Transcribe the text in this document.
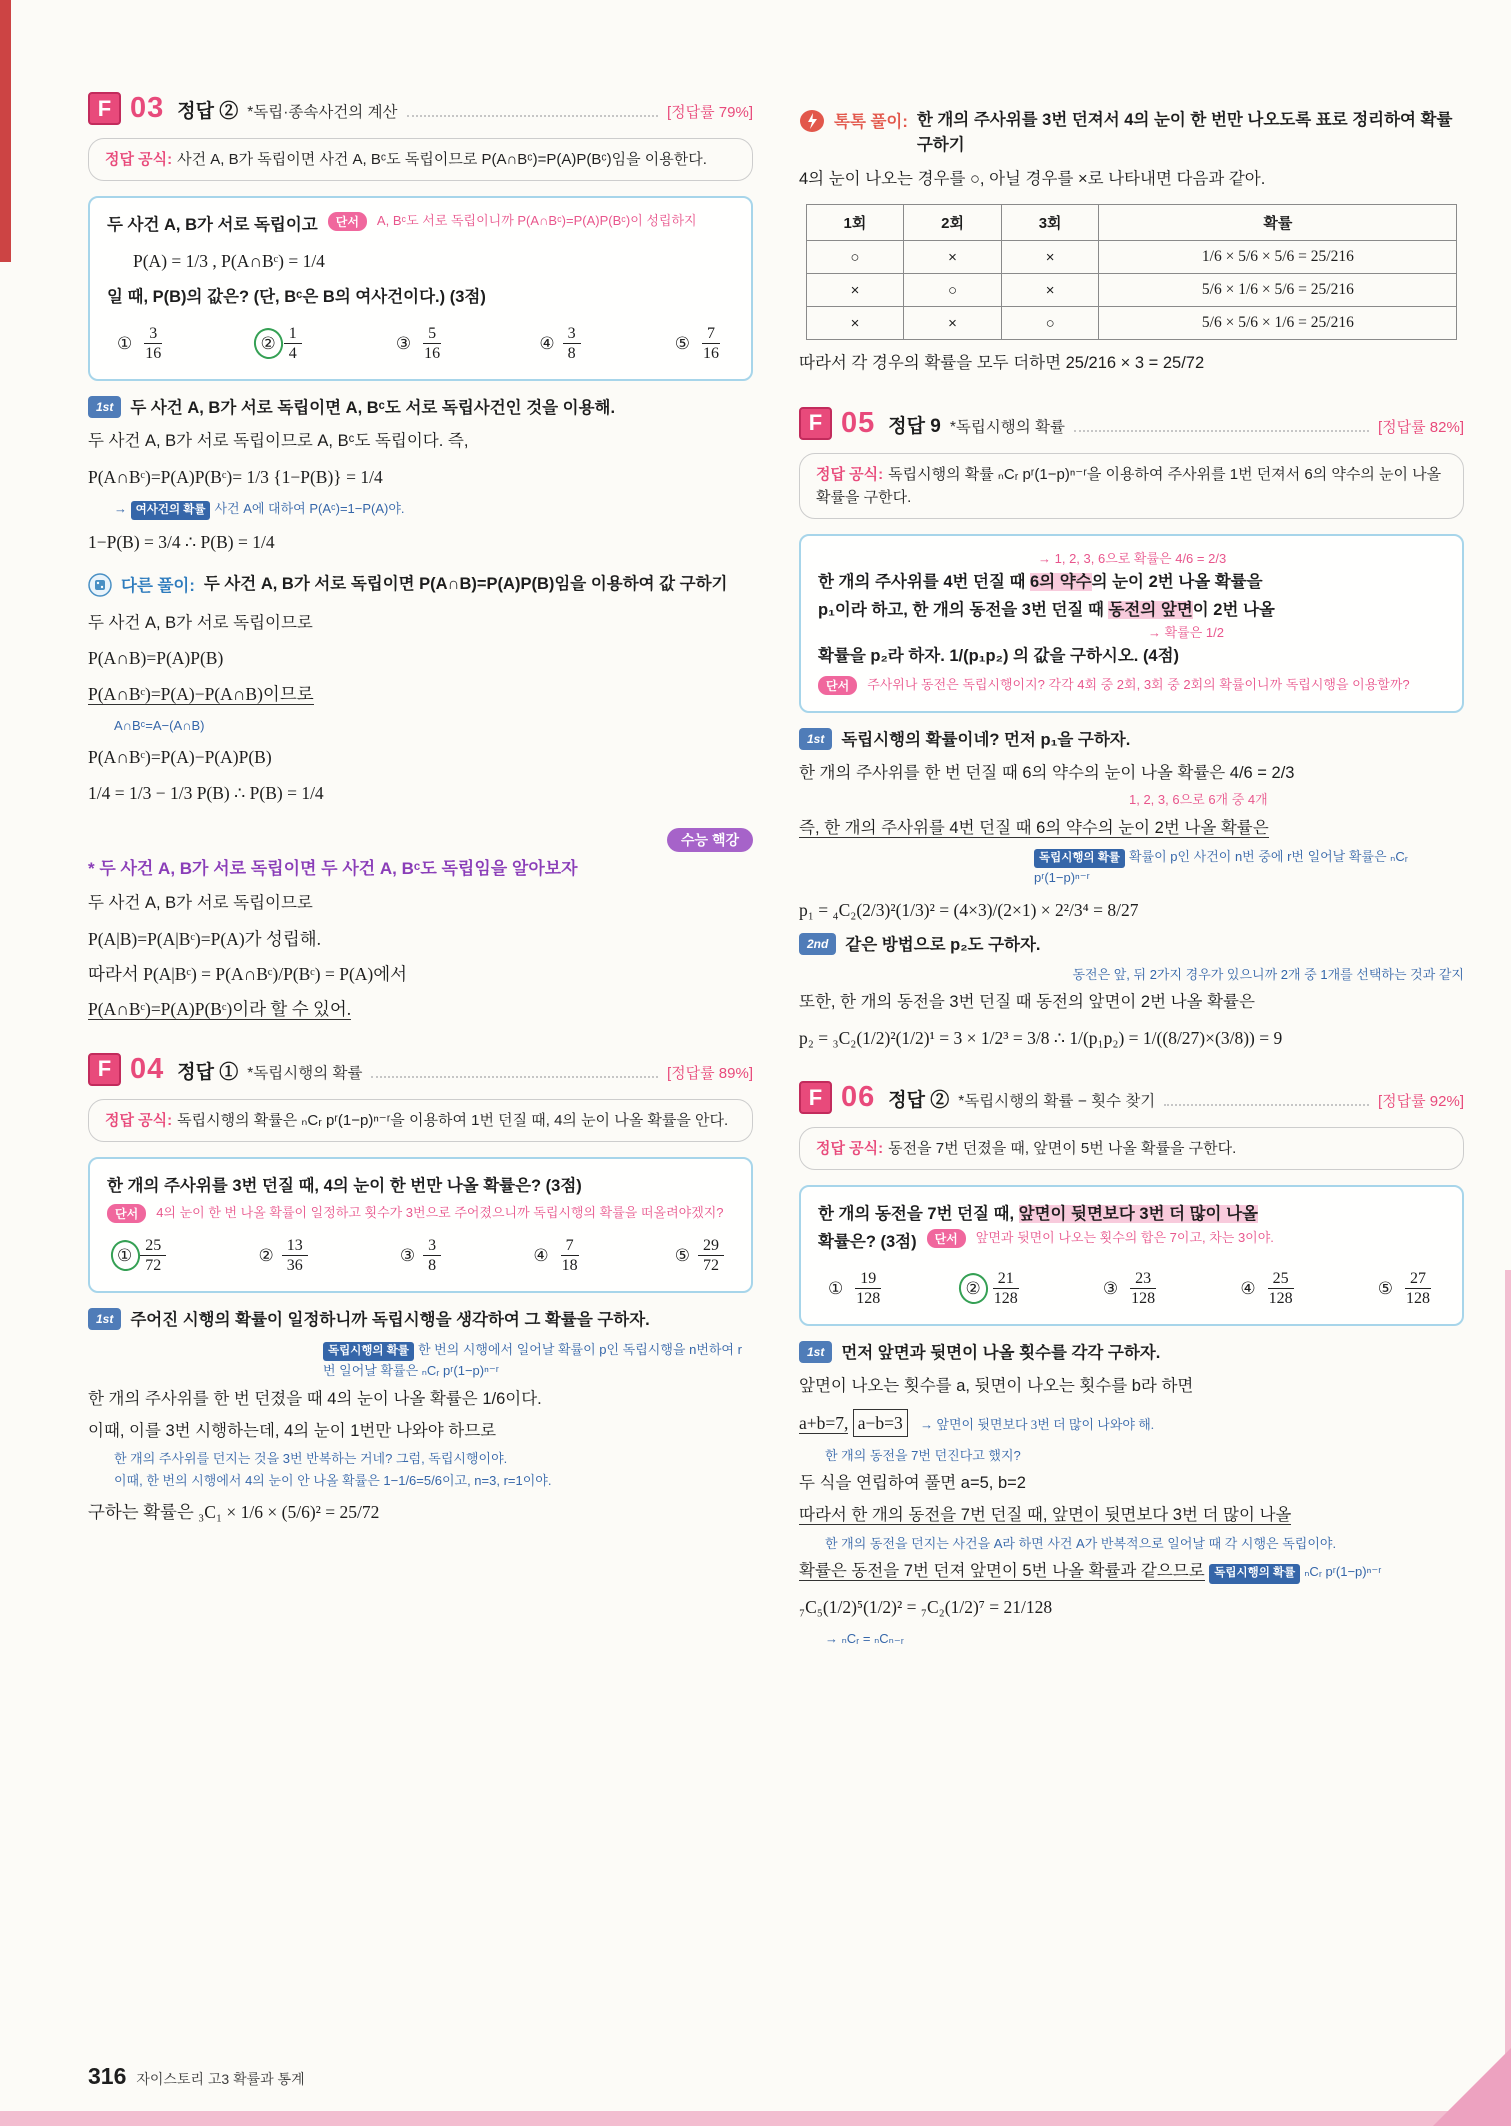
F 03 정답 ② *독립·종속사건의 계산	[정답률 79%]
정답 공식: 사건 A, B가 독립이면 사건 A, Bᶜ도 독립이므로 P(A∩Bᶜ)=P(A)P(Bᶜ)임을 이용한다.
두 사건 A, B가 서로 독립이고	단서	A, Bᶜ도 서로 독립이니까 P(A∩Bᶜ)=P(A)P(Bᶜ)이 성립하지
P(A) = 1/3 , P(A∩Bᶜ) = 1/4
일 때, P(B)의 값은? (단, Bᶜ은 B의 여사건이다.) (3점)
① $\frac{3}{16}$	② $\frac{1}{4}$	③ $\frac{5}{16}$	④ $\frac{3}{8}$	⑤ $\frac{7}{16}$
1st 두 사건 A, B가 서로 독립이면 A, Bᶜ도 서로 독립사건인 것을 이용해.
두 사건 A, B가 서로 독립이므로 A, Bᶜ도 독립이다. 즉,
P(A∩Bᶜ)=P(A)P(Bᶜ)= 1/3 {1−P(B)} = 1/4
→ 여사건의 확률 사건 A에 대하여 P(Aᶜ)=1−P(A)야.
1−P(B) = 3/4 ∴ P(B) = 1/4
다른 풀이: 두 사건 A, B가 서로 독립이면 P(A∩B)=P(A)P(B)임을 이용하여 값 구하기
두 사건 A, B가 서로 독립이므로
P(A∩B)=P(A)P(B)
P(A∩Bᶜ)=P(A)−P(A∩B)이므로
A∩Bᶜ=A−(A∩B)
P(A∩Bᶜ)=P(A)−P(A)P(B)
1/4 = 1/3 − 1/3 P(B) ∴ P(B) = 1/4
수능 핵강
* 두 사건 A, B가 서로 독립이면 두 사건 A, Bᶜ도 독립임을 알아보자
두 사건 A, B가 서로 독립이므로
P(A|B)=P(A|Bᶜ)=P(A)가 성립해.
따라서 P(A|Bᶜ) = P(A∩Bᶜ)/P(Bᶜ) = P(A)에서
P(A∩Bᶜ)=P(A)P(Bᶜ)이라 할 수 있어.
F 04 정답 ① *독립시행의 확률	[정답률 89%]
정답 공식: 독립시행의 확률은 ₙCᵣ pʳ(1−p)ⁿ⁻ʳ을 이용하여 1번 던질 때, 4의 눈이 나올 확률을 안다.
한 개의 주사위를 3번 던질 때, 4의 눈이 한 번만 나올 확률은? (3점)
단서	4의 눈이 한 번 나올 확률이 일정하고 횟수가 3번으로 주어졌으니까 독립시행의 확률을 떠올려야겠지?
① $\frac{25}{72}$	② $\frac{13}{36}$	③ $\frac{3}{8}$	④ $\frac{7}{18}$	⑤ $\frac{29}{72}$
1st 주어진 시행의 확률이 일정하니까 독립시행을 생각하여 그 확률을 구하자.
독립시행의 확률 한 번의 시행에서 일어날 확률이 p인 독립시행을 n번하여 r번 일어날 확률은 ₙCᵣ pʳ(1−p)ⁿ⁻ʳ
한 개의 주사위를 한 번 던졌을 때 4의 눈이 나올 확률은 1/6이다.
이때, 이를 3번 시행하는데, 4의 눈이 1번만 나와야 하므로
한 개의 주사위를 던지는 것을 3번 반복하는 거네? 그럼, 독립시행이야.
이때, 한 번의 시행에서 4의 눈이 안 나올 확률은 1−1/6=5/6이고, n=3, r=1이야.
구하는 확률은 ₃C₁ × 1/6 × (5/6)² = 25/72
톡톡 풀이: 한 개의 주사위를 3번 던져서 4의 눈이 한 번만 나오도록 표로 정리하여 확률 구하기
4의 눈이 나오는 경우를 ○, 아닐 경우를 ×로 나타내면 다음과 같아.
1회	2회	3회	확률
○	×	×	1/6 × 5/6 × 5/6 = 25/216
×	○	×	5/6 × 1/6 × 5/6 = 25/216
×	×	○	5/6 × 5/6 × 1/6 = 25/216
따라서 각 경우의 확률을 모두 더하면 25/216 × 3 = 25/72
F 05 정답 9 *독립시행의 확률	[정답률 82%]
정답 공식: 독립시행의 확률 ₙCᵣ pʳ(1−p)ⁿ⁻ʳ을 이용하여 주사위를 1번 던져서 6의 약수의 눈이 나올 확률을 구한다.
→ 1, 2, 3, 6으로 확률은 4/6 = 2/3
한 개의 주사위를 4번 던질 때 6의 약수의 눈이 2번 나올 확률을
p₁이라 하고, 한 개의 동전을 3번 던질 때 동전의 앞면이 2번 나올
→ 확률은 1/2
확률을 p₂라 하자. 1/(p₁p₂) 의 값을 구하시오. (4점)
단서	주사위나 동전은 독립시행이지? 각각 4회 중 2회, 3회 중 2회의 확률이니까 독립시행을 이용할까?
1st 독립시행의 확률이네? 먼저 p₁을 구하자.
한 개의 주사위를 한 번 던질 때 6의 약수의 눈이 나올 확률은 4/6 = 2/3
1, 2, 3, 6으로 6개 중 4개
즉, 한 개의 주사위를 4번 던질 때 6의 약수의 눈이 2번 나올 확률은
독립시행의 확률 확률이 p인 사건이 n번 중에 r번 일어날 확률은 ₙCᵣ pʳ(1−p)ⁿ⁻ʳ
p₁ = ₄C₂(2/3)²(1/3)² = (4×3)/(2×1) × 2²/3⁴ = 8/27
2nd 같은 방법으로 p₂도 구하자.
동전은 앞, 뒤 2가지 경우가 있으니까 2개 중 1개를 선택하는 것과 같지
또한, 한 개의 동전을 3번 던질 때 동전의 앞면이 2번 나올 확률은
p₂ = ₃C₂(1/2)²(1/2)¹ = 3 × 1/2³ = 3/8 ∴ 1/(p₁p₂) = 1/((8/27)×(3/8)) = 9
F 06 정답 ② *독립시행의 확률 − 횟수 찾기	[정답률 92%]
정답 공식: 동전을 7번 던졌을 때, 앞면이 5번 나올 확률을 구한다.
한 개의 동전을 7번 던질 때, 앞면이 뒷면보다 3번 더 많이 나올
확률은? (3점)	단서	앞면과 뒷면이 나오는 횟수의 합은 7이고, 차는 3이야.
① $\frac{19}{128}$	② $\frac{21}{128}$	③ $\frac{23}{128}$	④ $\frac{25}{128}$	⑤ $\frac{27}{128}$
1st 먼저 앞면과 뒷면이 나올 횟수를 각각 구하자.
앞면이 나오는 횟수를 a, 뒷면이 나오는 횟수를 b라 하면
a+b=7, a−b=3 → 앞면이 뒷면보다 3번 더 많이 나와야 해.
한 개의 동전을 7번 던진다고 했지?
두 식을 연립하여 풀면 a=5, b=2
따라서 한 개의 동전을 7번 던질 때, 앞면이 뒷면보다 3번 더 많이 나올
한 개의 동전을 던지는 사건을 A라 하면 사건 A가 반복적으로 일어날 때 각 시행은 독립이야.
확률은 동전을 7번 던져 앞면이 5번 나올 확률과 같으므로 독립시행의 확률 ₙCᵣ pʳ(1−p)ⁿ⁻ʳ
₇C₅(1/2)⁵(1/2)² = ₇C₂(1/2)⁷ = 21/128
→ ₙCᵣ = ₙCₙ₋ᵣ
316 자이스토리 고3 확률과 통계
